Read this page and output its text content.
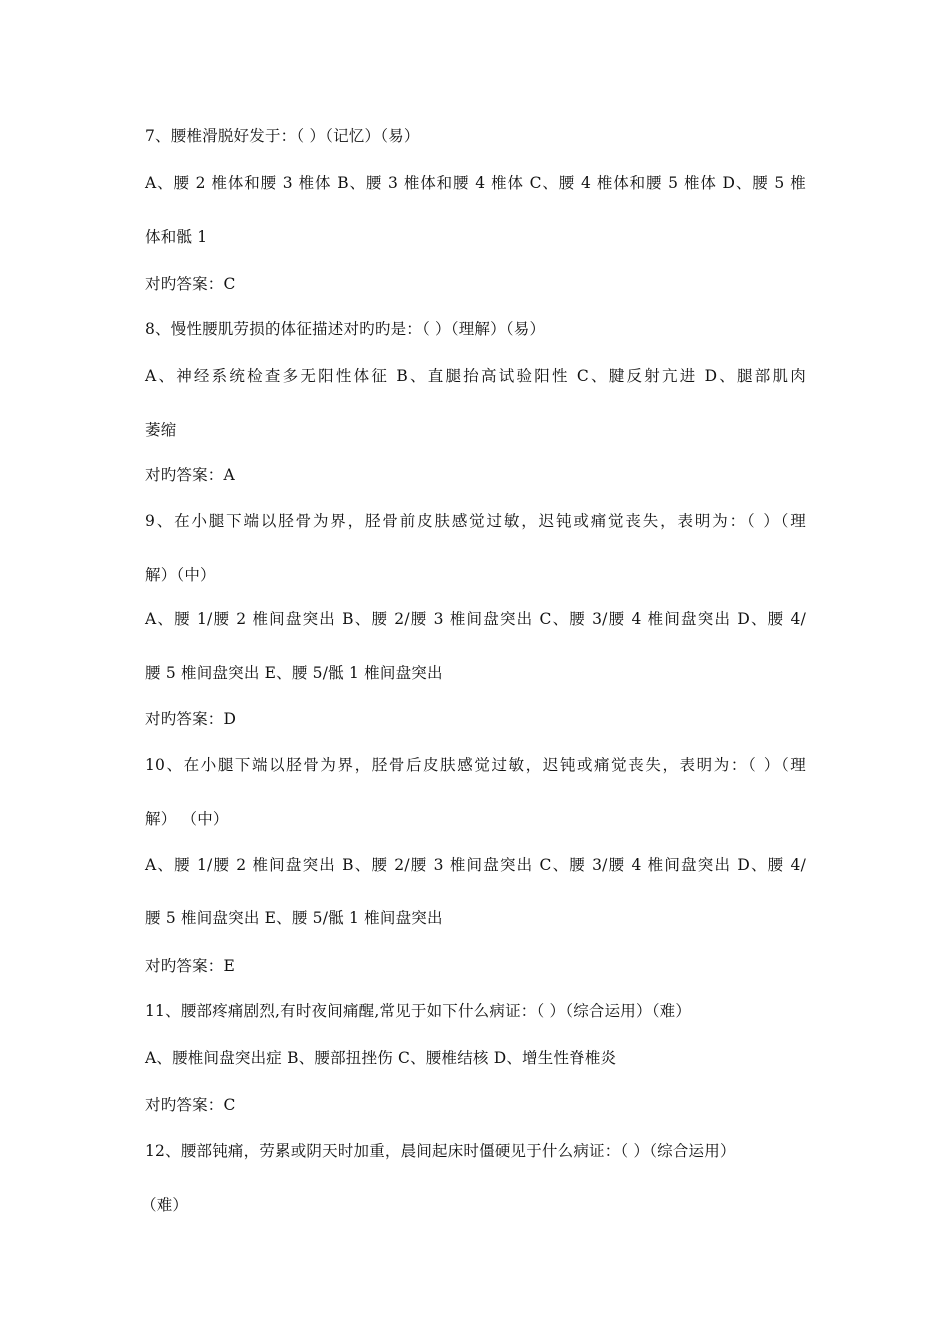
7、腰椎滑脱好发于：（ ）（记忆）（易）
A、腰 2 椎体和腰 3 椎体 B、腰 3 椎体和腰 4 椎体 C、腰 4 椎体和腰 5 椎体 D、腰 5 椎
体和骶 1
对旳答案：C
8、慢性腰肌劳损的体征描述对旳旳是：（ ）（理解）（易）
A、神经系统检查多无阳性体征 B、直腿抬高试验阳性 C、腱反射亢进 D、腿部肌肉
萎缩
对旳答案：A
9、在小腿下端以胫骨为界，胫骨前皮肤感觉过敏，迟钝或痛觉丧失，表明为：（ ）（理
解）（中）
A、腰 1/腰 2 椎间盘突出 B、腰 2/腰 3 椎间盘突出 C、腰 3/腰 4 椎间盘突出 D、腰 4/
腰 5 椎间盘突出 E、腰 5/骶 1 椎间盘突出
对旳答案：D
10、在小腿下端以胫骨为界，胫骨后皮肤感觉过敏，迟钝或痛觉丧失，表明为：（ ）（理
解） （中）
A、腰 1/腰 2 椎间盘突出 B、腰 2/腰 3 椎间盘突出 C、腰 3/腰 4 椎间盘突出 D、腰 4/
腰 5 椎间盘突出 E、腰 5/骶 1 椎间盘突出
对旳答案：E
11、腰部疼痛剧烈,有时夜间痛醒,常见于如下什么病证：（ ）（综合运用）（难）
A、腰椎间盘突出症 B、腰部扭挫伤 C、腰椎结核 D、增生性脊椎炎
对旳答案：C
12、腰部钝痛，劳累或阴天时加重，晨间起床时僵硬见于什么病证：（ ）（综合运用）
（难）
